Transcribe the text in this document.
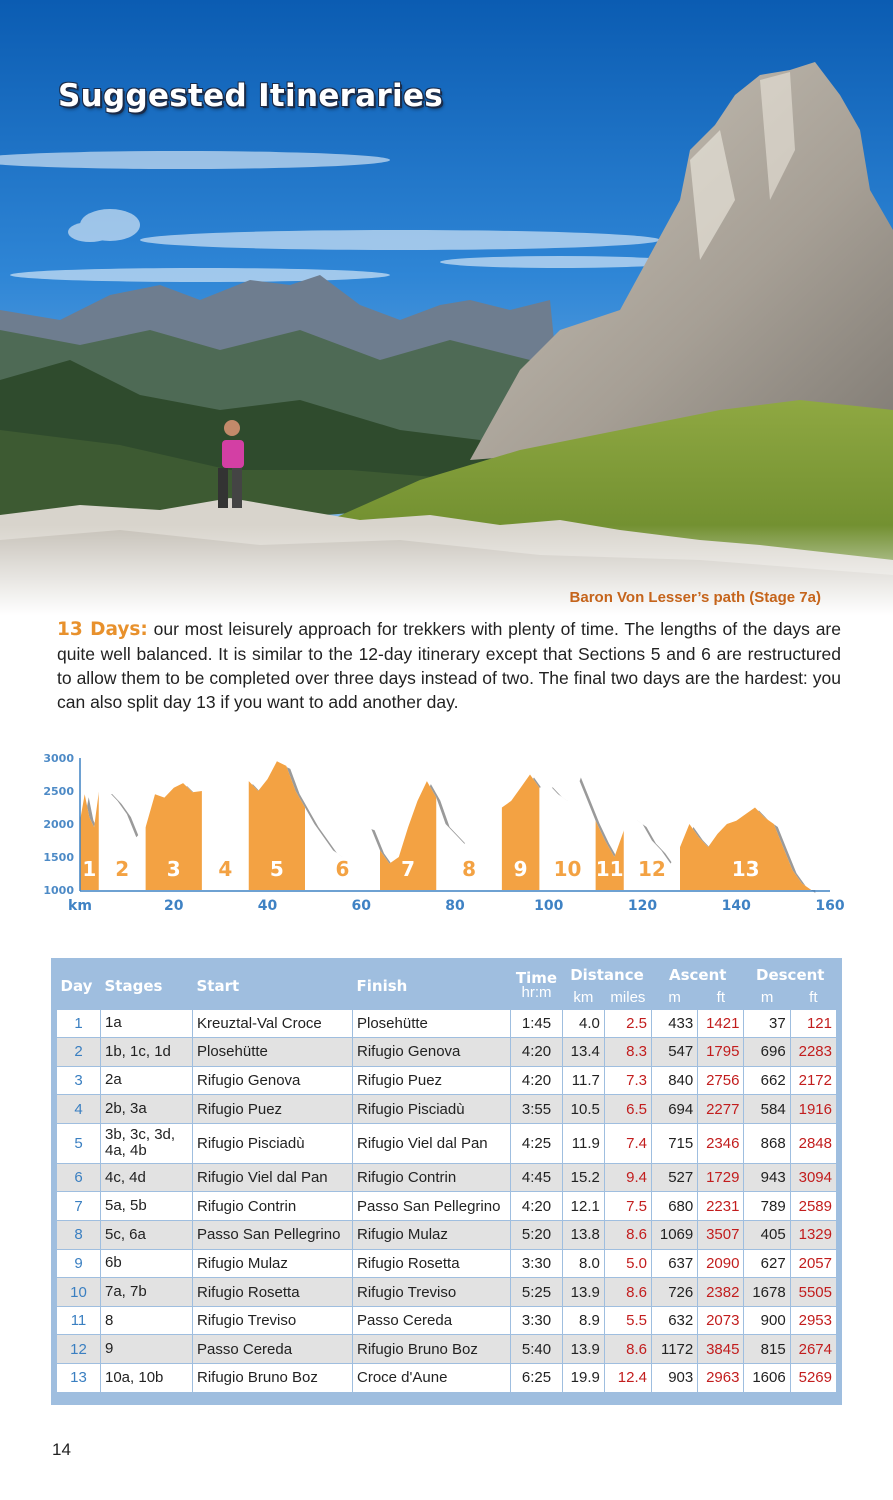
Suggested Itineraries
Baron Von Lesser’s path (Stage 7a)

13 Days: our most leisurely approach for trekkers with plenty of time. The lengths of the days are quite well balanced. It is similar to the 12-day itinerary except that Sections 5 and 6 are restructured to allow them to be completed over three days instead of two. The final two days are the hardest: you can also split day 13 if you want to add another day.

1000
1500
2000
2500
3000
1 2 3 4 5	6	7 8 9 10 11 12	13
km	20	40	60	80	100	120	140	160
Day	Stages	Start	Finish	Time	Distance		Ascent		Descent	
				hr:m	km	miles	m	ft	m	ft
1	1a	Kreuztal-Val Croce	Plosehütte	1:45	4.0	2.5	433	1421	37	121
2	1b, 1c, 1d	Plosehütte	Rifugio Genova	4:20	13.4	8.3	547	1795	696	2283
3	2a	Rifugio Genova	Rifugio Puez	4:20	11.7	7.3	840	2756	662	2172
4	2b, 3a	Rifugio Puez	Rifugio Pisciadù	3:55	10.5	6.5	694	2277	584	1916
5	3b, 3c, 3d, 4a, 4b	Rifugio Pisciadù	Rifugio Viel dal Pan	4:25	11.9	7.4	715	2346	868	2848
6	4c, 4d	Rifugio Viel dal Pan	Rifugio Contrin	4:45	15.2	9.4	527	1729	943	3094
7	5a, 5b	Rifugio Contrin	Passo San Pellegrino	4:20	12.1	7.5	680	2231	789	2589
8	5c, 6a	Passo San Pellegrino	Rifugio Mulaz	5:20	13.8	8.6	1069	3507	405	1329
9	6b	Rifugio Mulaz	Rifugio Rosetta	3:30	8.0	5.0	637	2090	627	2057
10	7a, 7b	Rifugio Rosetta	Rifugio Treviso	5:25	13.9	8.6	726	2382	1678	5505
11	8	Rifugio Treviso	Passo Cereda	3:30	8.9	5.5	632	2073	900	2953
12	9	Passo Cereda	Rifugio Bruno Boz	5:40	13.9	8.6	1172	3845	815	2674
13	10a, 10b	Rifugio Bruno Boz	Croce d'Aune	6:25	19.9	12.4	903	2963	1606	5269
14
